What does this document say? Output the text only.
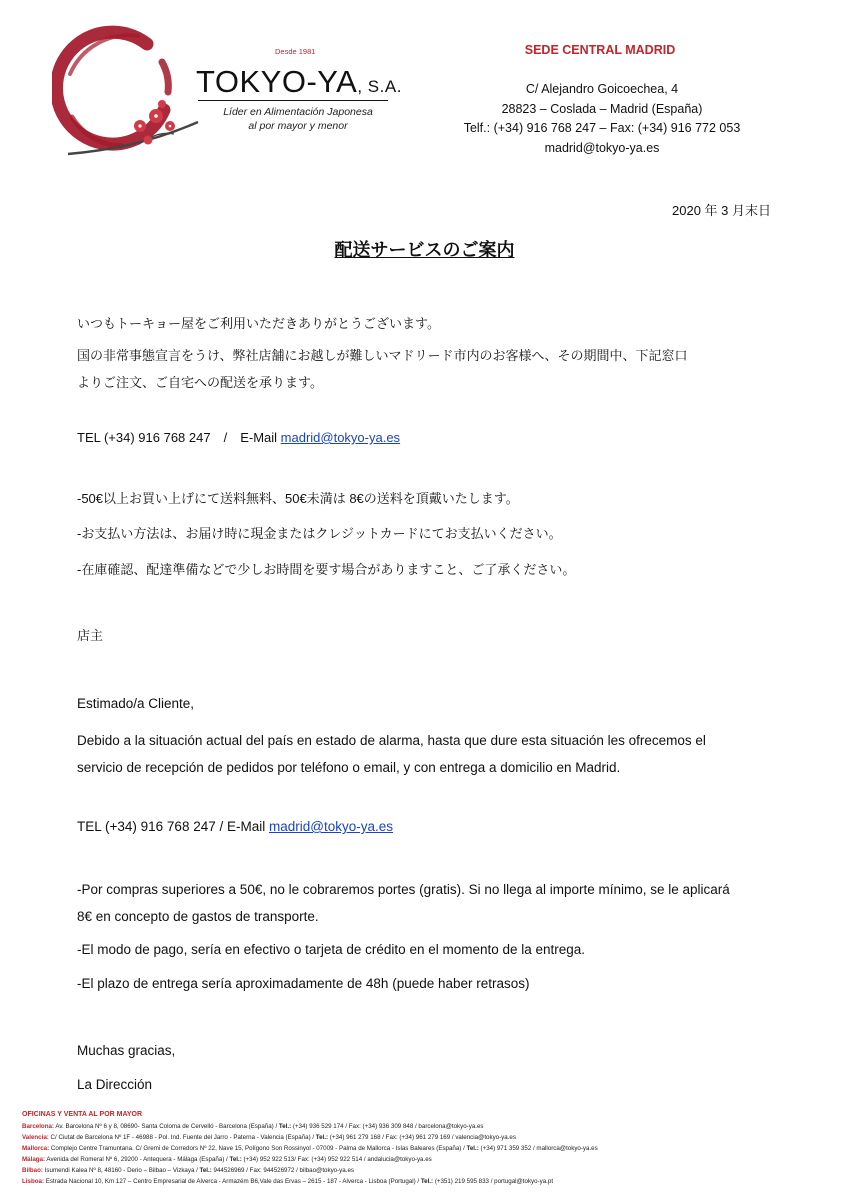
Desde 1981
TOKYO-YA, S.A.
Líder en Alimentación Japonesa
al por mayor y menor
SEDE CENTRAL MADRID
C/ Alejandro Goicoechea, 4
28823 – Coslada – Madrid (España)
Telf.: (+34) 916 768 247 – Fax: (+34) 916 772 053
madrid@tokyo-ya.es
2020 年 3 月末日
配送サービスのご案内
いつもトーキョー屋をご利用いただきありがとうございます。
国の非常事態宣言をうけ、弊社店舗にお越しが難しいマドリード市内のお客様へ、その期間中、下記窓口
よりご注文、ご自宅への配送を承ります。
TEL (+34) 916 768 247　/　E-Mail madrid@tokyo-ya.es
-50€以上お買い上げにて送料無料、50€未満は 8€の送料を頂戴いたします。
-お支払い方法は、お届け時に現金またはクレジットカードにてお支払いください。
-在庫確認、配達準備などで少しお時間を要す場合がありますこと、ご了承ください。
店主
Estimado/a Cliente,
Debido a la situación actual del país en estado de alarma, hasta que dure esta situación les ofrecemos el
servicio de recepción de pedidos por teléfono o email, y con entrega a domicilio en Madrid.
TEL (+34) 916 768 247 / E-Mail madrid@tokyo-ya.es
-Por compras superiores a 50€, no le cobraremos portes (gratis). Si no llega al importe mínimo, se le aplicará
8€ en concepto de gastos de transporte.
-El modo de pago, sería en efectivo o tarjeta de crédito en el momento de la entrega.
-El plazo de entrega sería aproximadamente de 48h (puede haber retrasos)
Muchas gracias,
La Dirección
OFICINAS Y VENTA AL POR MAYOR
Barcelona: Av. Barcelona Nº 6 y 8, 08690- Santa Coloma de Cervelló - Barcelona (España) / Tel.: (+34) 936 529 174 / Fax: (+34) 936 309 848 / barcelona@tokyo-ya.es
Valencia: C/ Ciutat de Barcelona Nº 1F - 46988 - Pol. Ind. Fuente del Jarro - Paterna - Valencia (España) / Tel.: (+34) 961 279 168 / Fax: (+34) 961 279 169 / valencia@tokyo-ya.es
Mallorca: Complejo Centre Tramuntana. C/ Gremi de Corredors Nº 22, Nave 15, Polígono Son Rossinyol - 07009 - Palma de Mallorca - Islas Baleares (España) / Tel.: (+34) 971 359 352 / mallorca@tokyo-ya.es
Málaga: Avenida del Romeral Nº 6, 29200 - Antequera - Málaga (España) / Tel.: (+34) 952 922 513/ Fax: (+34) 952 922 514 / andalucia@tokyo-ya.es
Bilbao: Isumendi Kalea Nº 8, 48160 - Derio – Bilbao – Vizkaya / Tel.: 944526969 / Fax: 944526972 / bilbao@tokyo-ya.es
Lisboa: Estrada Nacional 10, Km 127 – Centro Empresarial de Alverca - Armazém B6,Vale das Ervas – 2615 - 187 - Alverca - Lisboa (Portugal) / Tel.: (+351) 219 595 833 / portugal@tokyo-ya.pt
